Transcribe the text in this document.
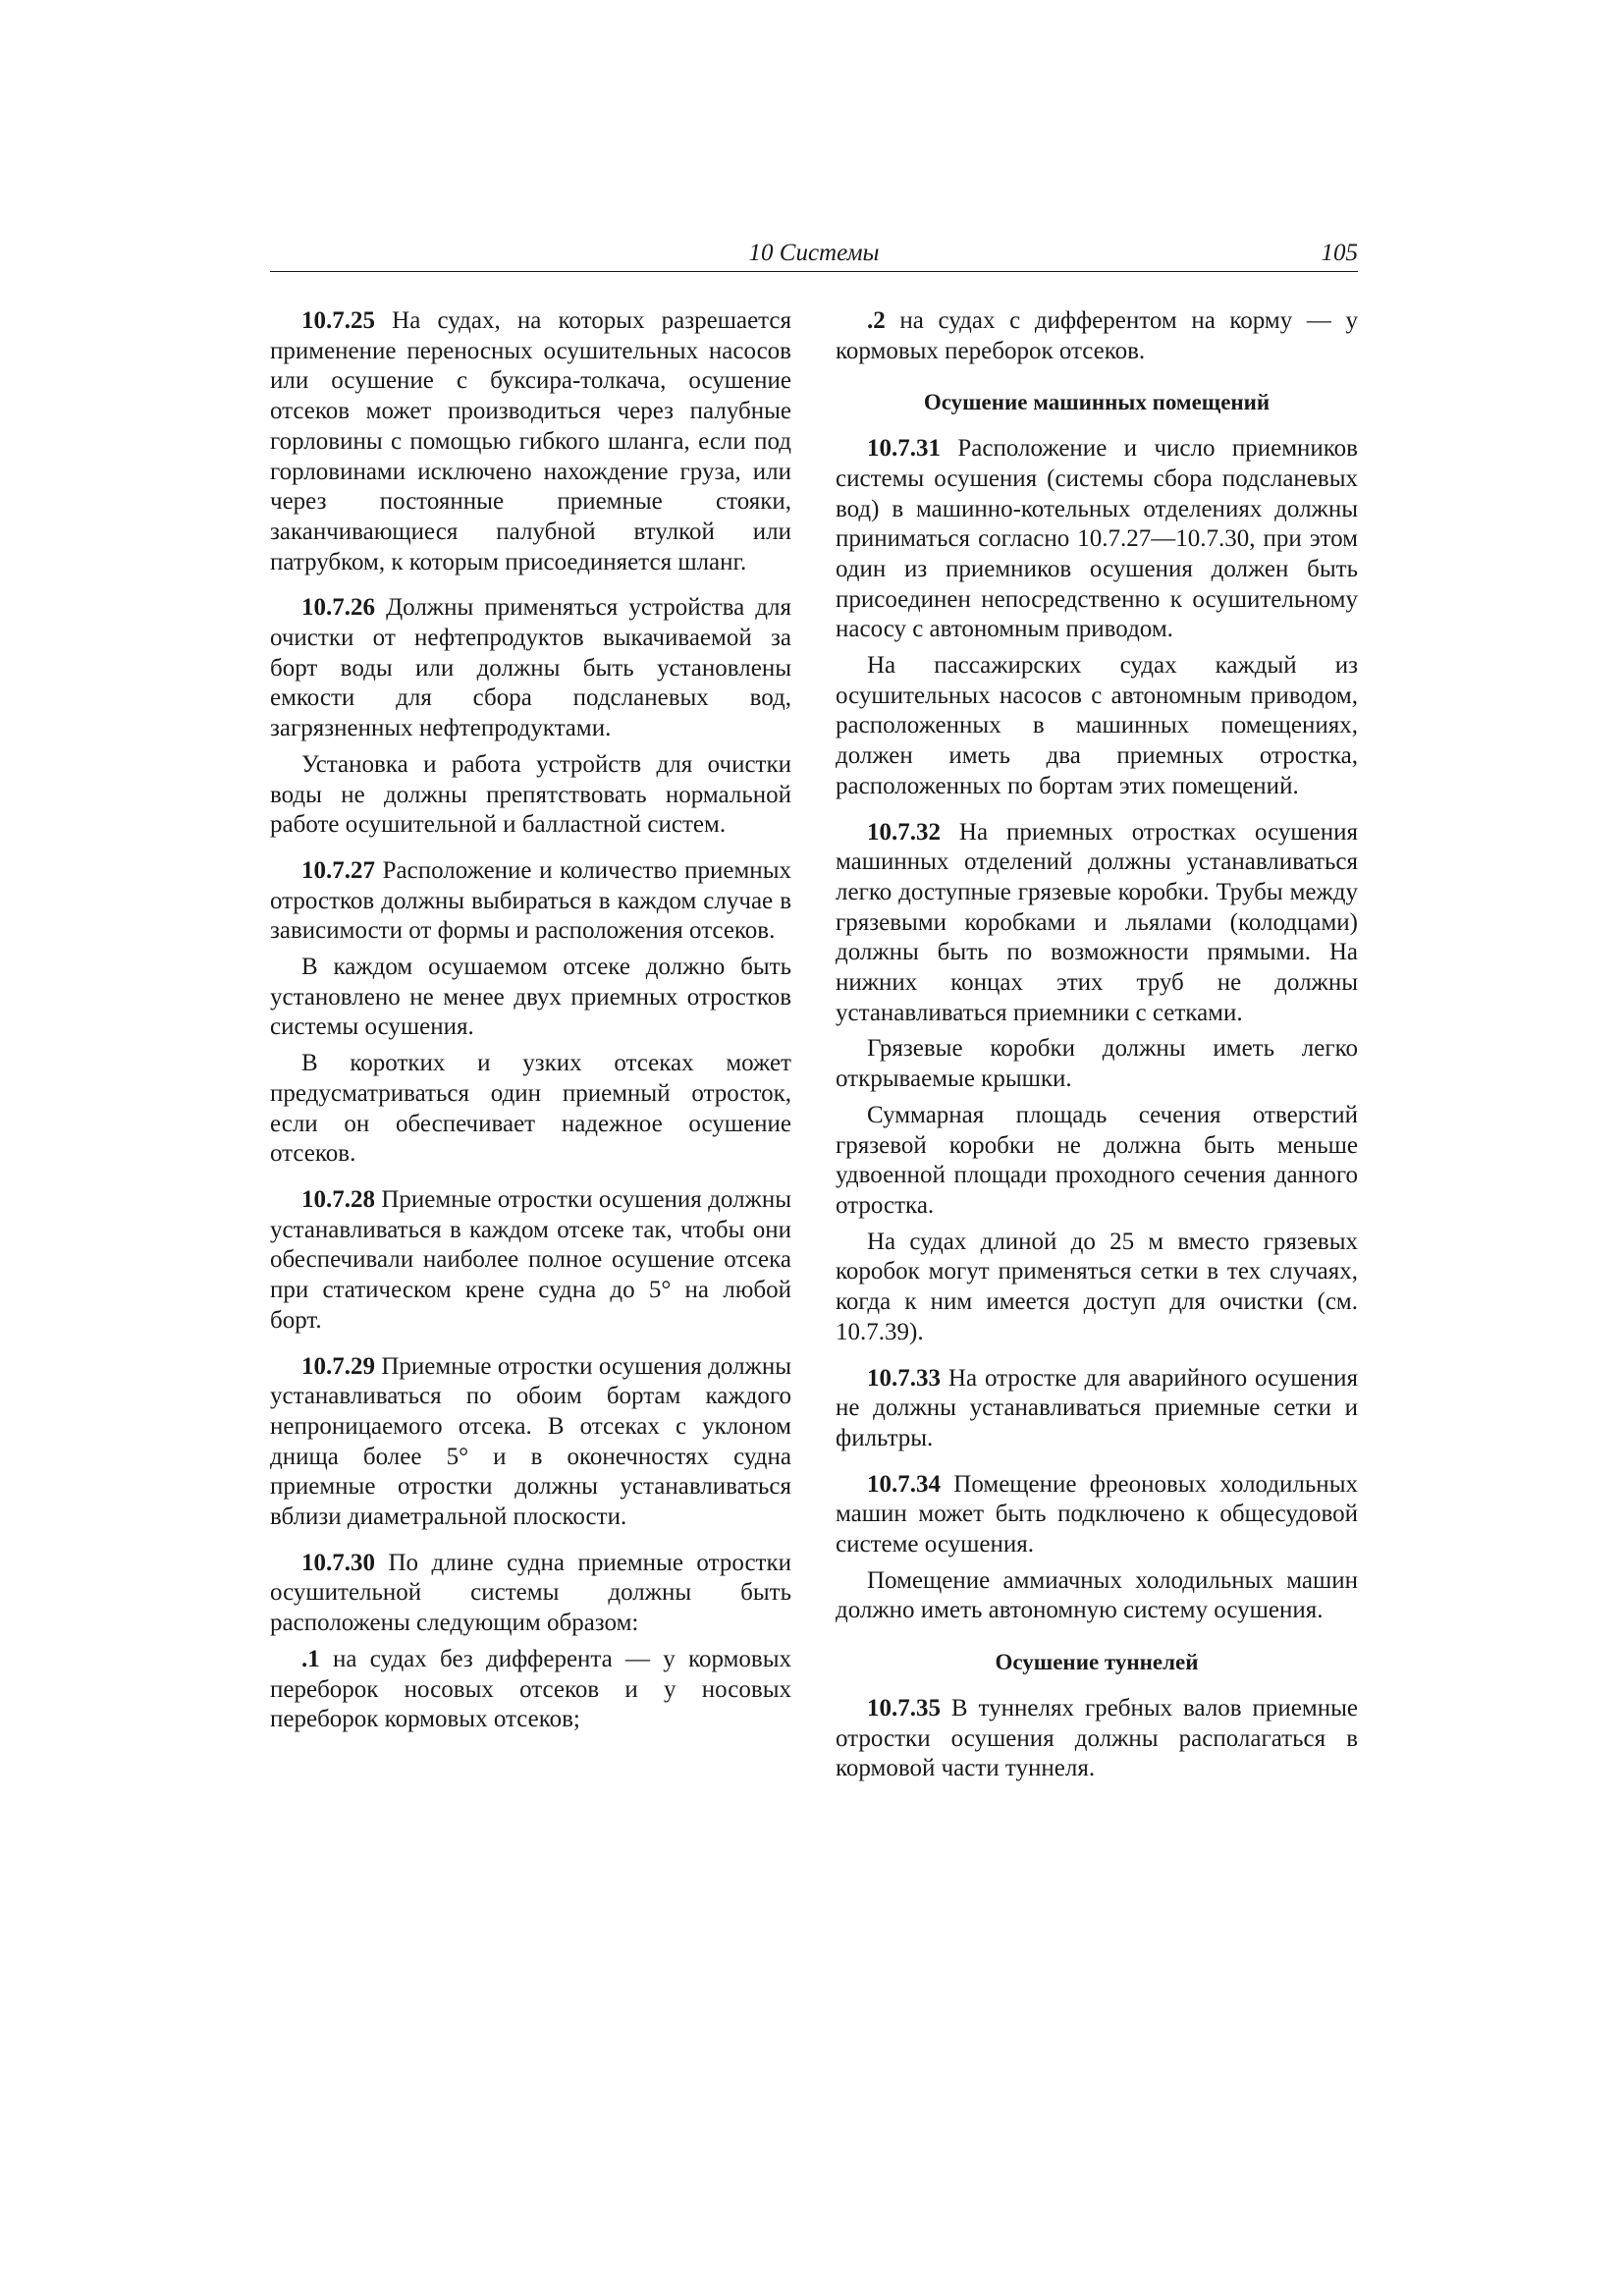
10 Системы	105

10.7.25 На судах, на которых разрешается применение переносных осушительных насосов или осушение с буксира-толкача, осушение отсеков может производиться через палубные горловины с помощью гибкого шланга, если под горловинами исключено нахождение груза, или через постоянные приемные стояки, заканчивающиеся палубной втулкой или патрубком, к которым присоединяется шланг.

10.7.26 Должны применяться устройства для очистки от нефтепродуктов выкачиваемой за борт воды или должны быть установлены емкости для сбора подсланевых вод, загрязненных нефтепродуктами.

Установка и работа устройств для очистки воды не должны препятствовать нормальной работе осушительной и балластной систем.

10.7.27 Расположение и количество приемных отростков должны выбираться в каждом случае в зависимости от формы и расположения отсеков.

В каждом осушаемом отсеке должно быть установлено не менее двух приемных отростков системы осушения.

В коротких и узких отсеках может предусматриваться один приемный отросток, если он обеспечивает надежное осушение отсеков.

10.7.28 Приемные отростки осушения должны устанавливаться в каждом отсеке так, чтобы они обеспечивали наиболее полное осушение отсека при статическом крене судна до 5° на любой борт.

10.7.29 Приемные отростки осушения должны устанавливаться по обоим бортам каждого непроницаемого отсека. В отсеках с уклоном днища более 5° и в оконечностях судна приемные отростки должны устанавливаться вблизи диаметральной плоскости.

10.7.30 По длине судна приемные отростки осушительной системы должны быть расположены следующим образом:

.1 на судах без дифферента — у кормовых переборок носовых отсеков и у носовых переборок кормовых отсеков;

.2 на судах с дифферентом на корму — у кормовых переборок отсеков.

Осушение машинных помещений

10.7.31 Расположение и число приемников системы осушения (системы сбора подсланевых вод) в машинно-котельных отделениях должны приниматься согласно 10.7.27—10.7.30, при этом один из приемников осушения должен быть присоединен непосредственно к осушительному насосу с автономным приводом.

На пассажирских судах каждый из осушительных насосов с автономным приводом, расположенных в машинных помещениях, должен иметь два приемных отростка, расположенных по бортам этих помещений.

10.7.32 На приемных отростках осушения машинных отделений должны устанавливаться легко доступные грязевые коробки. Трубы между грязевыми коробками и льялами (колодцами) должны быть по возможности прямыми. На нижних концах этих труб не должны устанавливаться приемники с сетками.

Грязевые коробки должны иметь легко открываемые крышки.

Суммарная площадь сечения отверстий грязевой коробки не должна быть меньше удвоенной площади проходного сечения данного отростка.

На судах длиной до 25 м вместо грязевых коробок могут применяться сетки в тех случаях, когда к ним имеется доступ для очистки (см. 10.7.39).

10.7.33 На отростке для аварийного осушения не должны устанавливаться приемные сетки и фильтры.

10.7.34 Помещение фреоновых холодильных машин может быть подключено к общесудовой системе осушения.

Помещение аммиачных холодильных машин должно иметь автономную систему осушения.

Осушение туннелей

10.7.35 В туннелях гребных валов приемные отростки осушения должны располагаться в кормовой части туннеля.
